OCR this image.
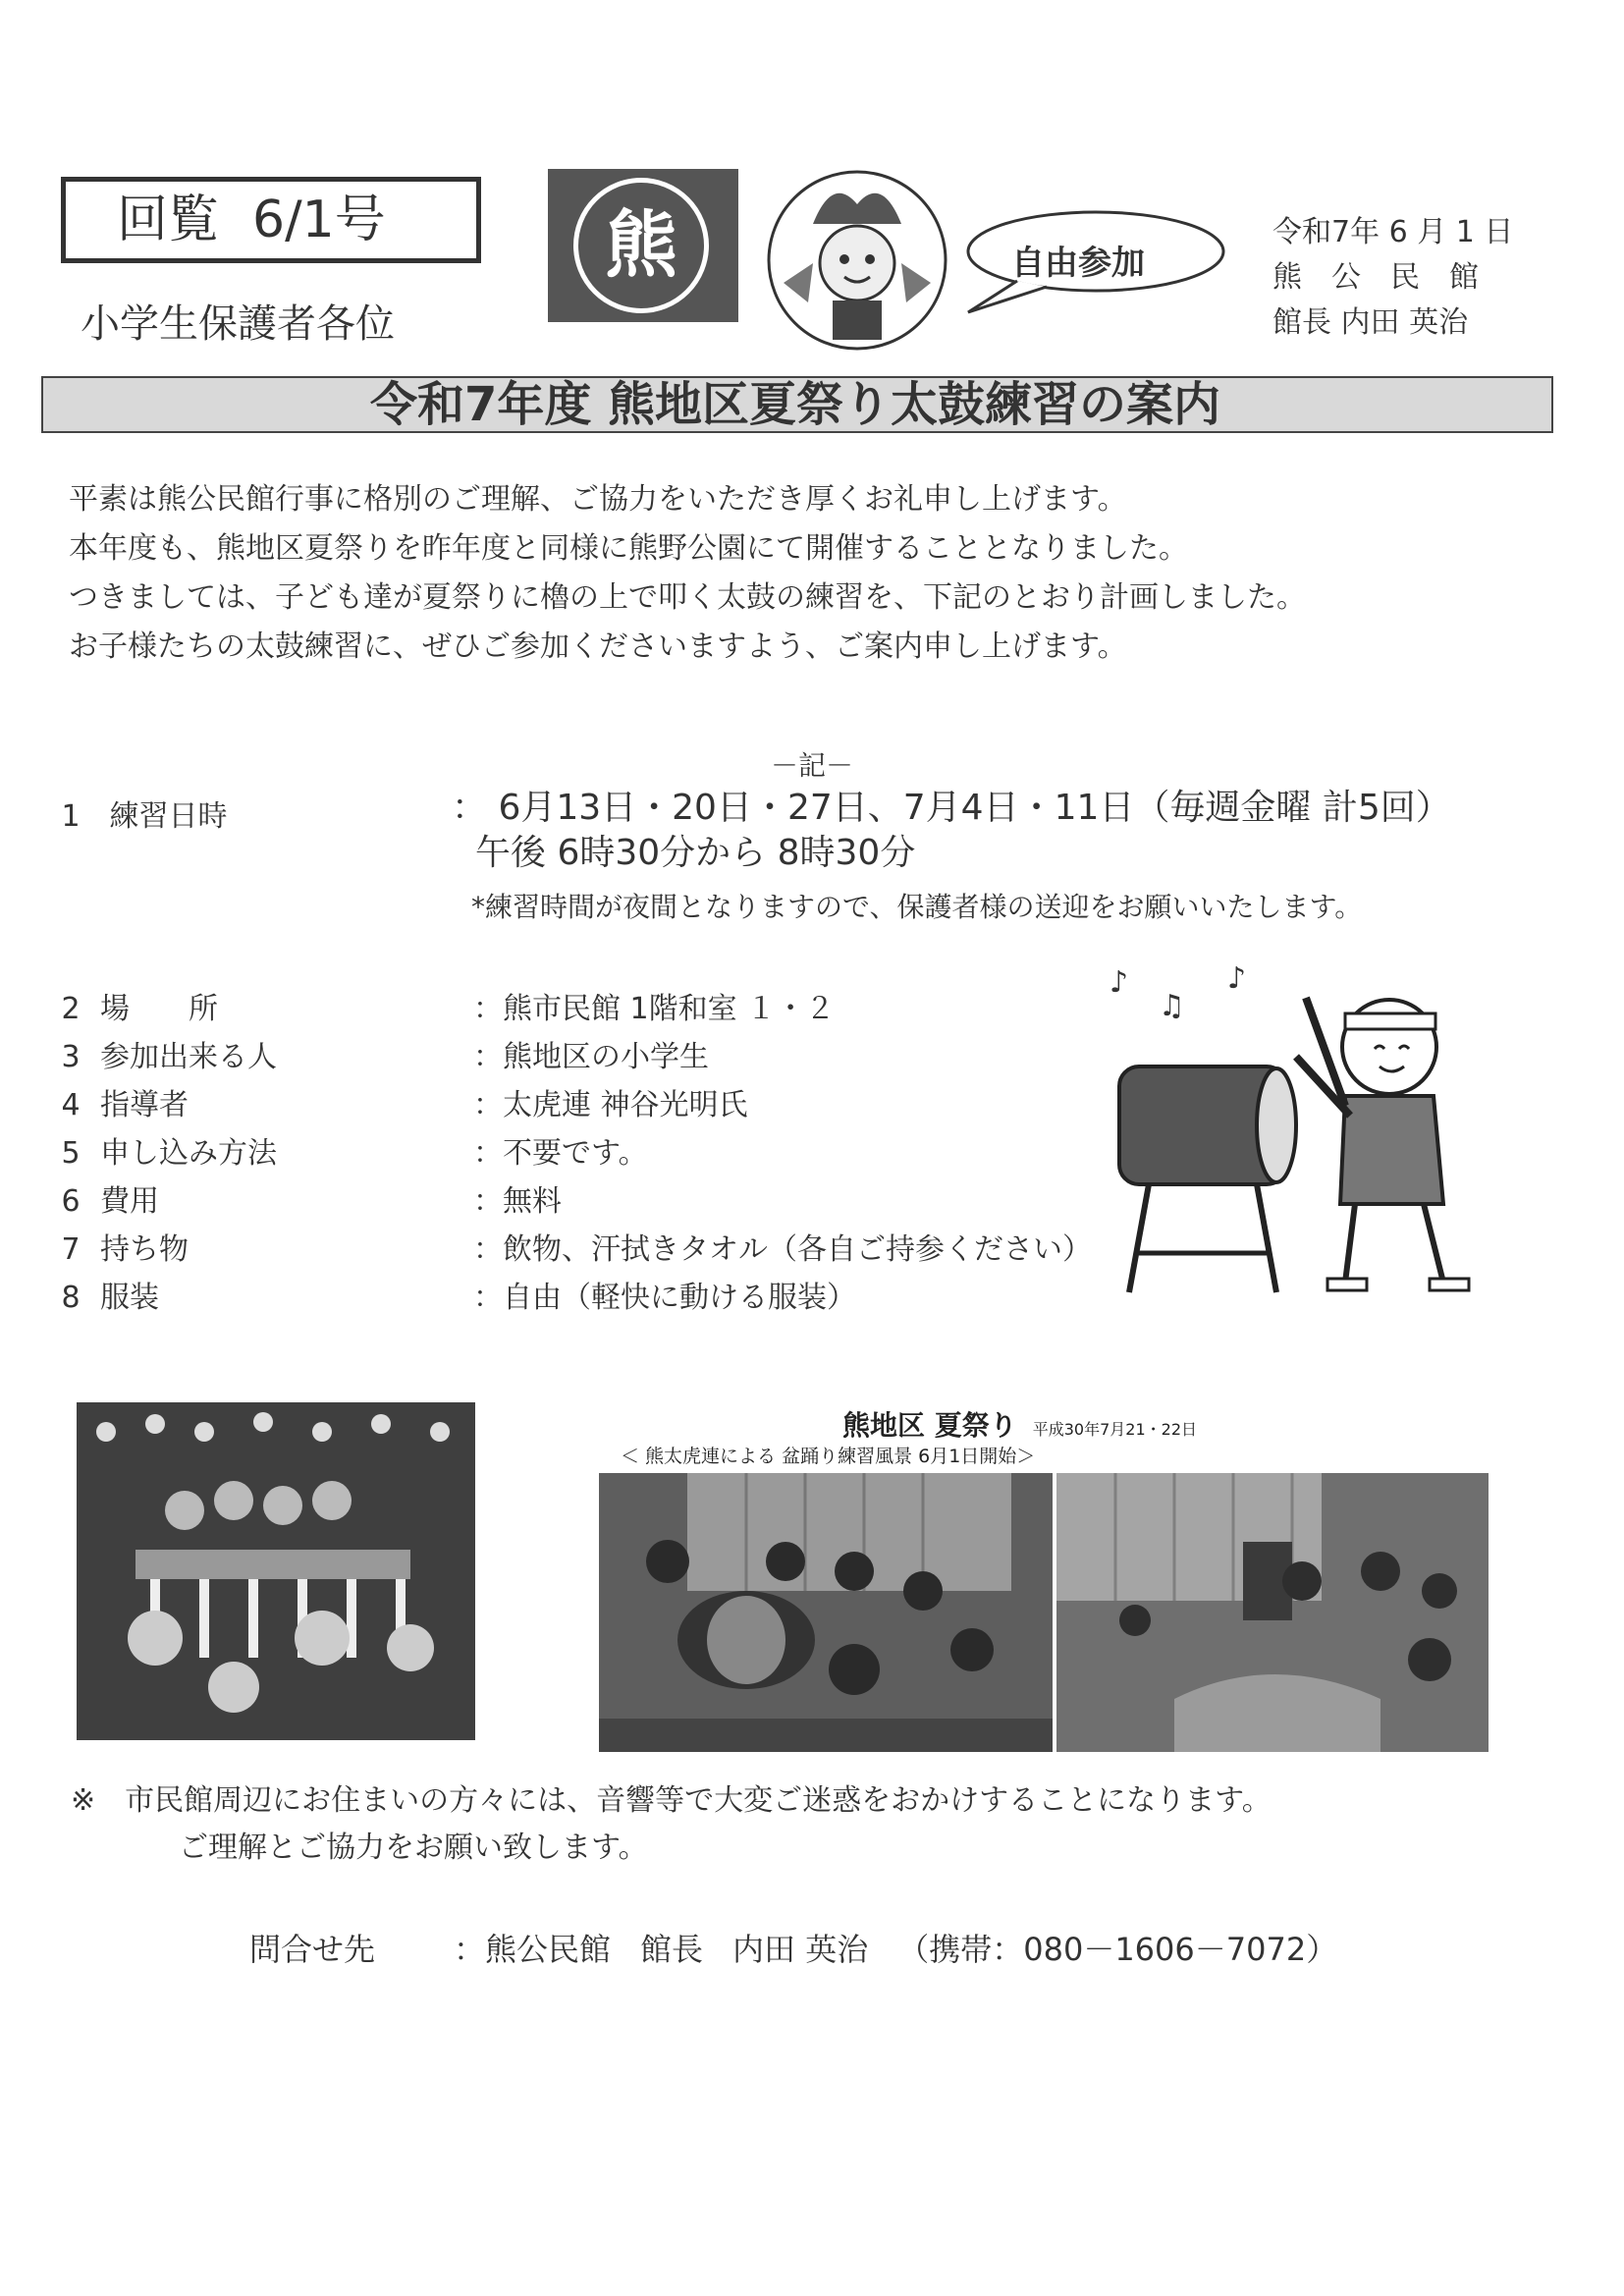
回覧 6/1号
小学生保護者各位
熊	自由参加
令和7年 6 月 1 日
熊　公　民　館
館長 内田 英治
令和7年度 熊地区夏祭り太鼓練習の案内

平素は熊公民館行事に格別のご理解、ご協力をいただき厚くお礼申し上げます。

本年度も、熊地区夏祭りを昨年度と同様に熊野公園にて開催することとなりました。

つきましては、子ども達が夏祭りに櫓の上で叩く太鼓の練習を、下記のとおり計画しました。

お子様たちの太鼓練習に、ぜひご参加くださいますよう、ご案内申し上げます。

－記－
1 練習日時	： 6月13日・20日・27日、7月4日・11日（毎週金曜 計5回）
午後 6時30分から 8時30分
*練習時間が夜間となりますので、保護者様の送迎をお願いいたします。
2 場　　所	：熊市民館 1階和室 １・２
3 参加出来る人	：熊地区の小学生
4 指導者	：太虎連 神谷光明氏
5 申し込み方法	：不要です。
6 費用	：無料
7 持ち物	：飲物、汗拭きタオル（各自ご持参ください）
8 服装	：自由（軽快に動ける服装）
♪
♫
♪
熊地区 夏祭り 平成30年7月21・22日
＜ 熊太虎連による 盆踊り練習風景 6月1日開始＞
※　 市民館周辺にお住まいの方々には、音響等で大変ご迷惑をおかけすることになります。
ご理解とご協力をお願い致します。
問合せ先	：熊公民館 館長 内田 英治 （携帯：080－1606－7072）
